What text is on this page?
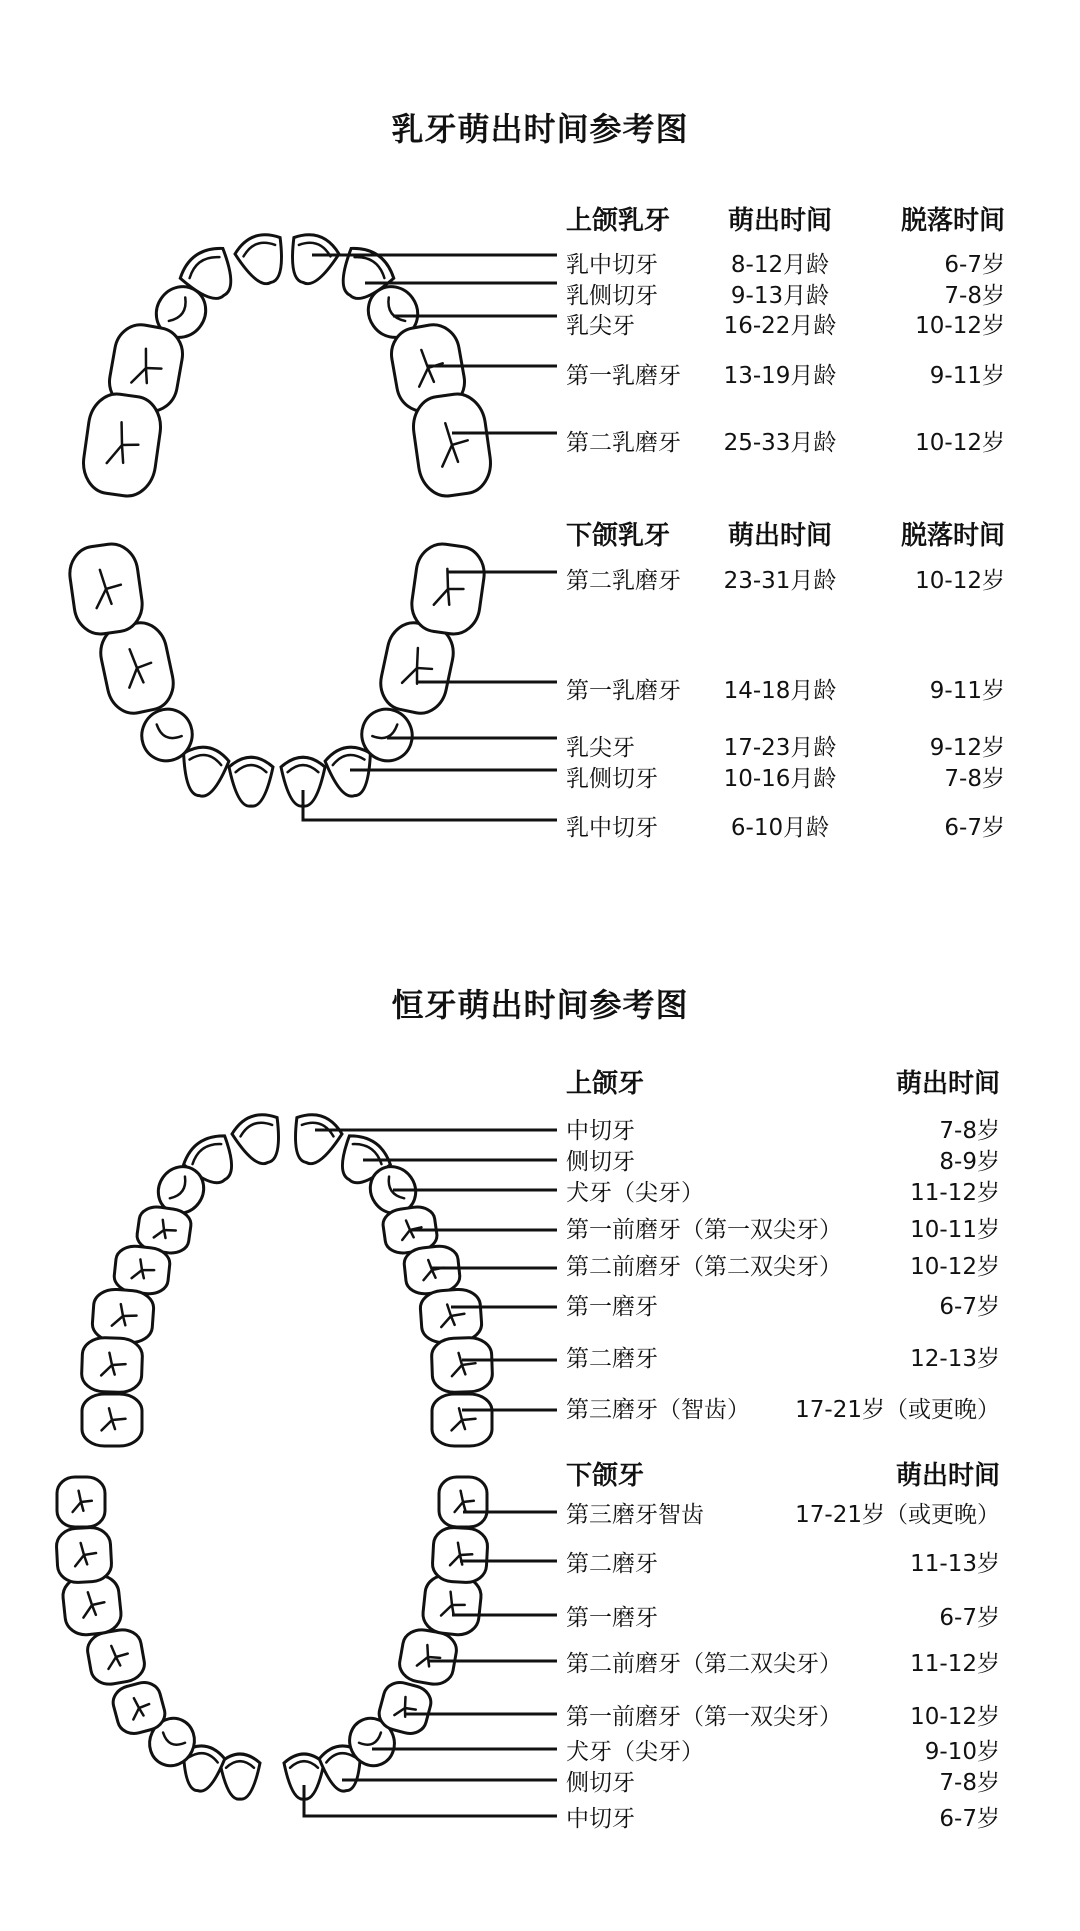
乳牙萌出时间参考图
上颌乳牙	萌出时间	脱落时间
乳中切牙	8-12月龄	6-7岁
乳侧切牙	9-13月龄	7-8岁
乳尖牙	16-22月龄	10-12岁
第一乳磨牙	13-19月龄	9-11岁
第二乳磨牙	25-33月龄	10-12岁
下颌乳牙	萌出时间	脱落时间
第二乳磨牙	23-31月龄	10-12岁
第一乳磨牙	14-18月龄	9-11岁
乳尖牙	17-23月龄	9-12岁
乳侧切牙	10-16月龄	7-8岁
乳中切牙	6-10月龄	6-7岁
恒牙萌出时间参考图
上颌牙	萌出时间
中切牙	7-8岁
侧切牙	8-9岁
犬牙（尖牙）	11-12岁
第一前磨牙（第一双尖牙）	10-11岁
第二前磨牙（第二双尖牙）	10-12岁
第一磨牙	6-7岁
第二磨牙	12-13岁
第三磨牙（智齿）	17-21岁（或更晚）
下颌牙	萌出时间
第三磨牙智齿	17-21岁（或更晚）
第二磨牙	11-13岁
第一磨牙	6-7岁
第二前磨牙（第二双尖牙）	11-12岁
第一前磨牙（第一双尖牙）	10-12岁
犬牙（尖牙）	9-10岁
侧切牙	7-8岁
中切牙	6-7岁
